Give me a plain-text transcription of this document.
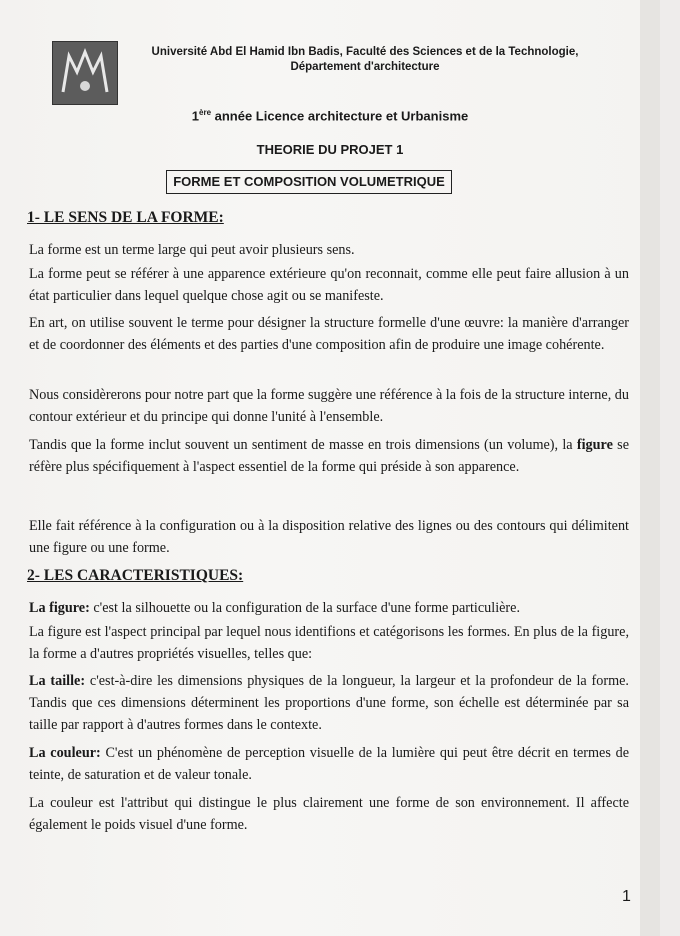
Université Abd El Hamid Ibn Badis, Faculté des Sciences et de la Technologie,
Département d'architecture
1ère année Licence architecture et Urbanisme
THEORIE DU PROJET 1
FORME ET COMPOSITION VOLUMETRIQUE
1- LE SENS DE LA FORME:
La forme est un terme large qui peut avoir plusieurs sens.
La forme peut se référer à une apparence extérieure qu'on reconnait, comme elle peut faire allusion à un état particulier dans lequel quelque chose agit ou se manifeste.
En art, on utilise souvent le terme pour désigner la structure formelle d'une œuvre: la manière d'arranger et de coordonner des éléments et des parties d'une composition afin de produire une image cohérente.
Nous considèrerons pour notre part que la forme suggère une référence à la fois de la structure interne, du contour extérieur et du principe qui donne l'unité à l'ensemble.
Tandis que la forme inclut souvent un sentiment de masse en trois dimensions (un volume), la figure se réfère plus spécifiquement à l'aspect essentiel de la forme qui préside à son apparence.
Elle fait référence à la configuration ou à la disposition relative des lignes ou des contours qui délimitent une figure ou une forme.
2- LES CARACTERISTIQUES:
La figure: c'est la silhouette ou la configuration de la surface d'une forme particulière.
La figure est l'aspect principal par lequel nous identifions et catégorisons les formes. En plus de la figure, la forme a d'autres propriétés visuelles, telles que:
La taille: c'est-à-dire les dimensions physiques de la longueur, la largeur et la profondeur de la forme. Tandis que ces dimensions déterminent les proportions d'une forme, son échelle est déterminée par sa taille par rapport à d'autres formes dans le contexte.
La couleur: C'est un phénomène de perception visuelle de la lumière qui peut être décrit en termes de teinte, de saturation et de valeur tonale.
La couleur est l'attribut qui distingue le plus clairement une forme de son environnement. Il affecte également le poids visuel d'une forme.
1
